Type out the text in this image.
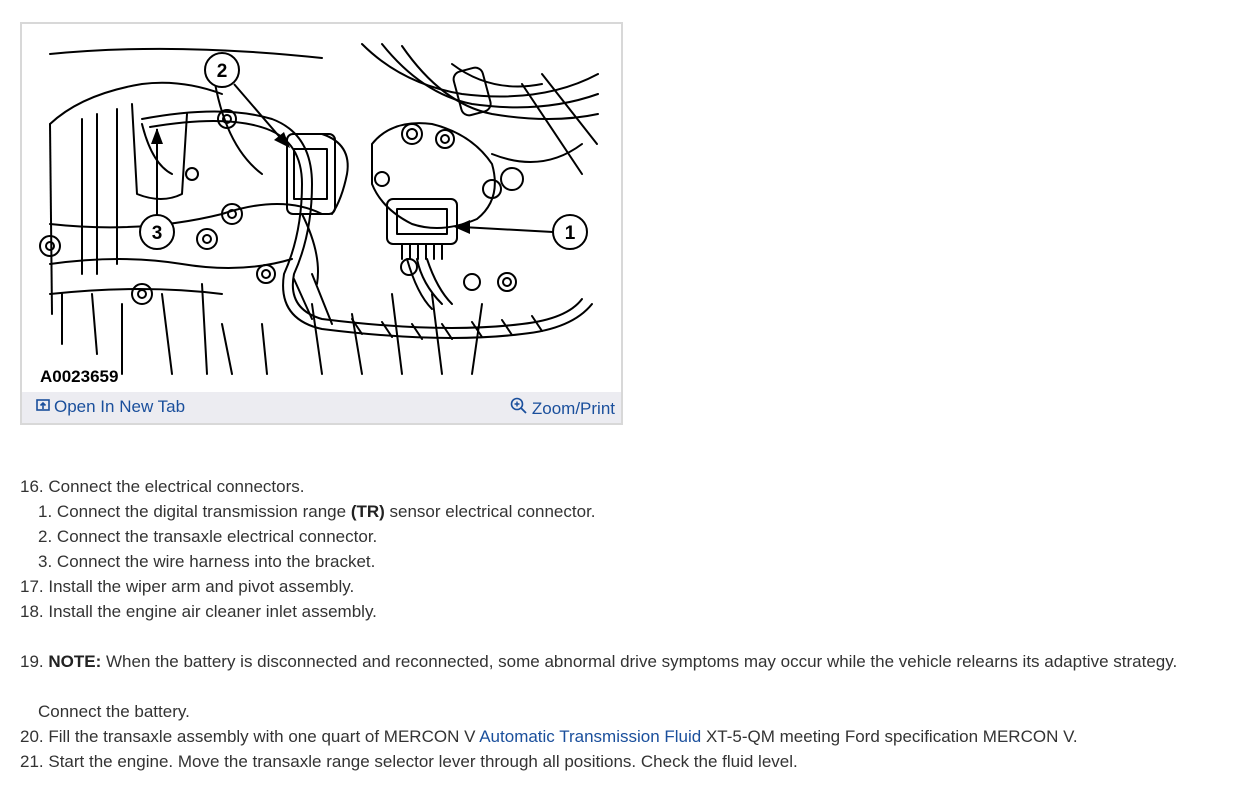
2
3	1
A0023659
Open In New Tab	Zoom/Print
16. Connect the electrical connectors.
1. Connect the digital transmission range (TR) sensor electrical connector.
2. Connect the transaxle electrical connector.
3. Connect the wire harness into the bracket.
17. Install the wiper arm and pivot assembly.
18. Install the engine air cleaner inlet assembly.
19. NOTE: When the battery is disconnected and reconnected, some abnormal drive symptoms may occur while the vehicle relearns its adaptive strategy.
Connect the battery.
20. Fill the transaxle assembly with one quart of MERCON V Automatic Transmission Fluid XT-5-QM meeting Ford specification MERCON V.
21. Start the engine. Move the transaxle range selector lever through all positions. Check the fluid level.
